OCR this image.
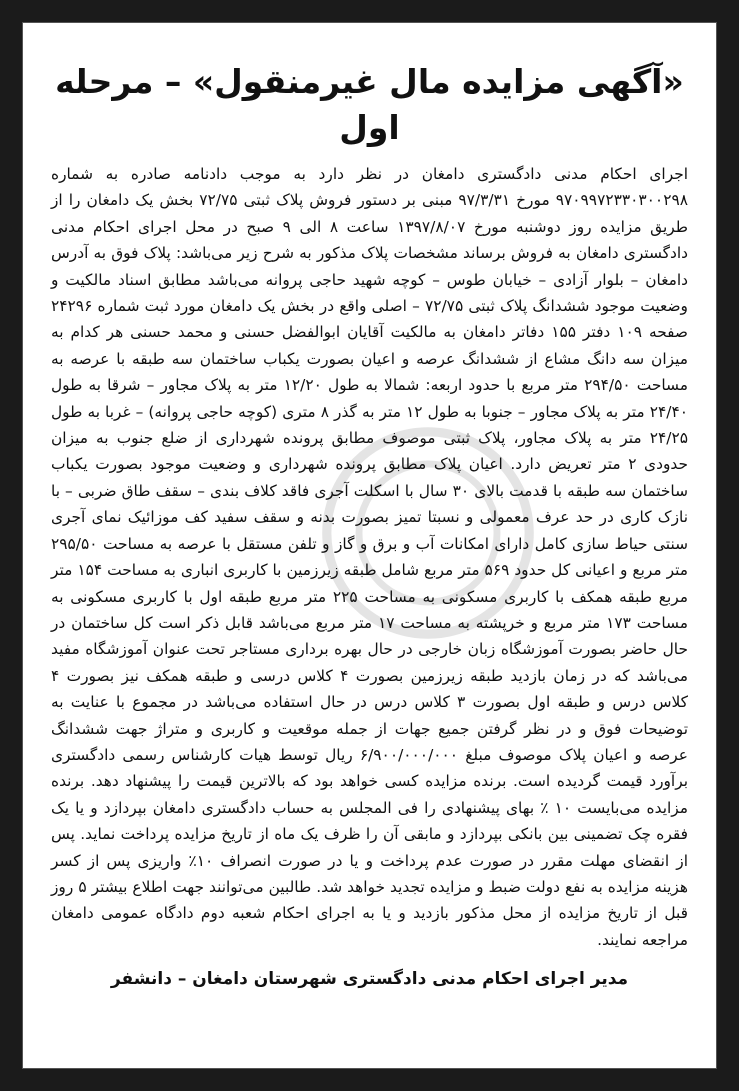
«آگهی مزایده مال غیرمنقول» – مرحله اول

اجرای احکام مدنی دادگستری دامغان در نظر دارد به موجب دادنامه صادره به شماره ۹۷۰۹۹۷۲۳۳۰۳۰۰۲۹۸ مورخ ۹۷/۳/۳۱ مبنی بر دستور فروش پلاک ثبتی ۷۲/۷۵ بخش یک دامغان را از طریق مزایده روز دوشنبه مورخ ۱۳۹۷/۸/۰۷ ساعت ۸ الی ۹ صبح در محل اجرای احکام مدنی دادگستری دامغان به فروش برساند مشخصات پلاک مذکور به شرح زیر می‌باشد: پلاک فوق به آدرس دامغان – بلوار آزادی – خیابان طوس – کوچه شهید حاجی پروانه می‌باشد مطابق اسناد مالکیت و وضعیت موجود ششدانگ پلاک ثبتی ۷۲/۷۵ – اصلی واقع در بخش یک دامغان مورد ثبت شماره ۲۴۲۹۶ صفحه ۱۰۹ دفتر ۱۵۵ دفاتر دامغان به مالکیت آقایان ابوالفضل حسنی و محمد حسنی هر کدام به میزان سه دانگ مشاع از ششدانگ عرصه و اعیان بصورت یکباب ساختمان سه طبقه با عرصه به مساحت ۲۹۴/۵۰ متر مربع با حدود اربعه: شمالا به طول ۱۲/۲۰ متر به پلاک مجاور – شرقا به طول ۲۴/۴۰ متر به پلاک مجاور – جنوبا به طول ۱۲ متر به گذر ۸ متری (کوچه حاجی پروانه) – غربا به طول ۲۴/۲۵ متر به پلاک مجاور، پلاک ثبتی موصوف مطابق پرونده شهرداری از ضلع جنوب به میزان حدودی ۲ متر تعریض دارد. اعیان پلاک مطابق پرونده شهرداری و وضعیت موجود بصورت یکباب ساختمان سه طبقه با قدمت بالای ۳۰ سال با اسکلت آجری فاقد کلاف بندی – سقف طاق ضربی – با نازک کاری در حد عرف معمولی و نسبتا تمیز بصورت بدنه و سقف سفید کف موزائیک نمای آجری سنتی حیاط سازی کامل دارای امکانات آب و برق و گاز و تلفن مستقل با عرصه به مساحت ۲۹۵/۵۰ متر مربع و اعیانی کل حدود ۵۶۹ متر مربع شامل طبقه زیرزمین با کاربری انباری به مساحت ۱۵۴ متر مربع طبقه همکف با کاربری مسکونی به مساحت ۲۲۵ متر مربع طبقه اول با کاربری مسکونی به مساحت ۱۷۳ متر مربع و خرپشته به مساحت ۱۷ متر مربع می‌باشد قابل ذکر است کل ساختمان در حال حاضر بصورت آموزشگاه زبان خارجی در حال بهره برداری مستاجر تحت عنوان آموزشگاه مفید می‌باشد که در زمان بازدید طبقه زیرزمین بصورت ۴ کلاس درسی و طبقه همکف نیز بصورت ۴ کلاس درس و طبقه اول بصورت ۳ کلاس درس در حال استفاده می‌باشد در مجموع با عنایت به توضیحات فوق و در نظر گرفتن جمیع جهات از جمله موقعیت و کاربری و متراژ جهت ششدانگ عرصه و اعیان پلاک موصوف مبلغ ۶/۹۰۰/۰۰۰/۰۰۰ ریال توسط هیات کارشناس رسمی دادگستری برآورد قیمت گردیده است. برنده مزایده کسی خواهد بود که بالاترین قیمت را پیشنهاد دهد. برنده مزایده می‌بایست ۱۰ ٪ بهای پیشنهادی را فی المجلس به حساب دادگستری دامغان بپردازد و یا یک فقره چک تضمینی بین بانکی بپردازد و مابقی آن را ظرف یک ماه از تاریخ مزایده پرداخت نماید. پس از انقضای مهلت مقرر در صورت عدم پرداخت و یا در صورت انصراف ۱۰٪ واریزی پس از کسر هزینه مزایده به نفع دولت ضبط و مزایده تجدید خواهد شد. طالبین می‌توانند جهت اطلاع بیشتر ۵ روز قبل از تاریخ مزایده از محل مذکور بازدید و یا به اجرای احکام شعبه دوم دادگاه عمومی دامغان مراجعه نمایند.

مدیر اجرای احکام مدنی دادگستری شهرستان دامغان – دانشفر
